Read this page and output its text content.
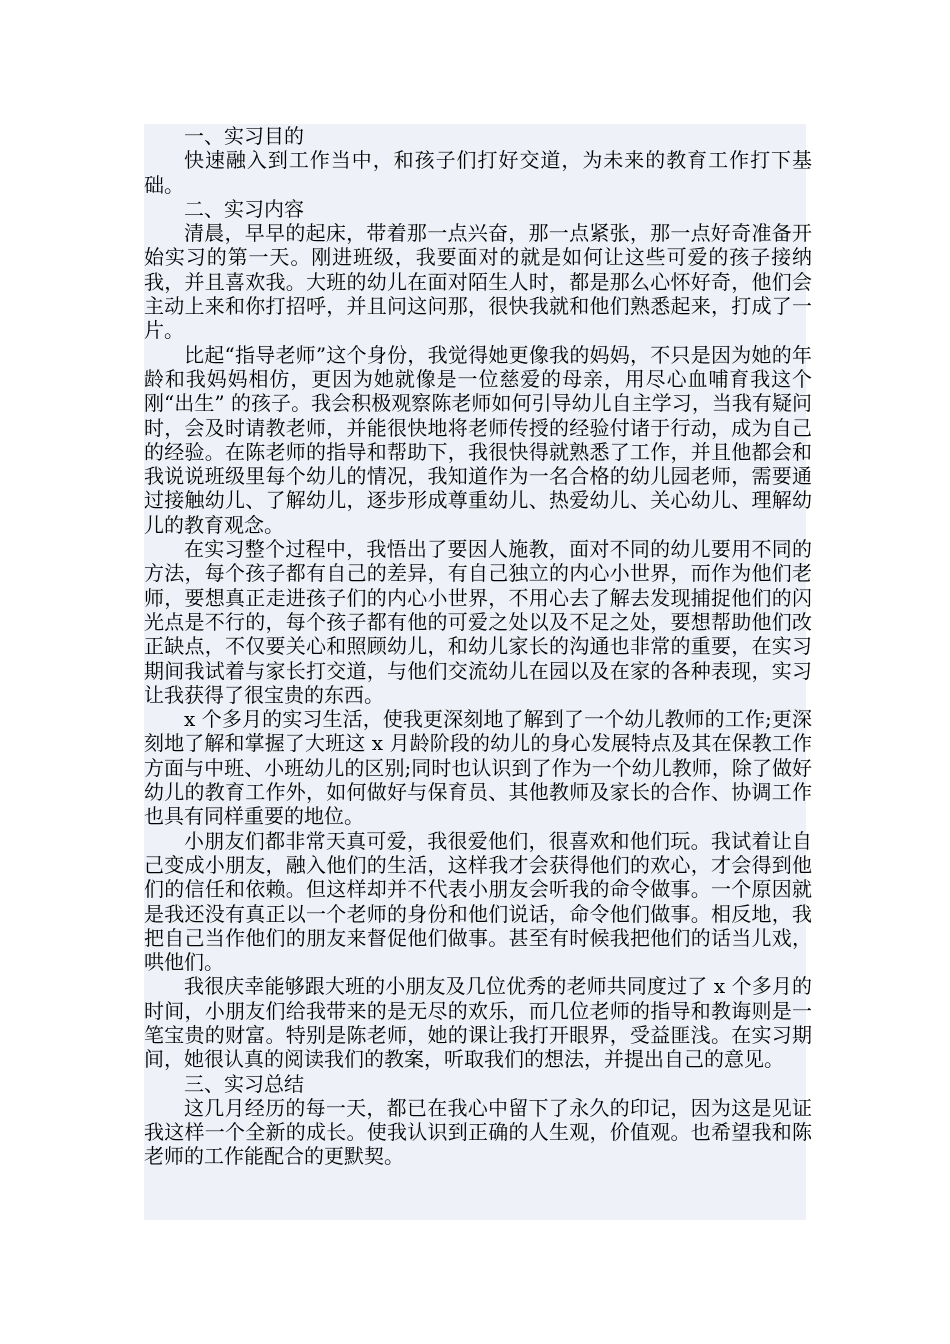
一、实习目的

快速融入到工作当中，和孩子们打好交道，为未来的教育工作打下基础。

二、实习内容

清晨，早早的起床，带着那一点兴奋，那一点紧张，那一点好奇准备开始实习的第一天。刚进班级，我要面对的就是如何让这些可爱的孩子接纳我，并且喜欢我。大班的幼儿在面对陌生人时，都是那么心怀好奇，他们会主动上来和你打招呼，并且问这问那，很快我就和他们熟悉起来，打成了一片。

比起“指导老师”这个身份，我觉得她更像我的妈妈，不只是因为她的年龄和我妈妈相仿，更因为她就像是一位慈爱的母亲，用尽心血哺育我这个刚“出生” 的孩子。我会积极观察陈老师如何引导幼儿自主学习，当我有疑问时，会及时请教老师，并能很快地将老师传授的经验付诸于行动，成为自己的经验。在陈老师的指导和帮助下，我很快得就熟悉了工作，并且他都会和我说说班级里每个幼儿的情况，我知道作为一名合格的幼儿园老师，需要通过接触幼儿、了解幼儿，逐步形成尊重幼儿、热爱幼儿、关心幼儿、理解幼儿的教育观念。

在实习整个过程中，我悟出了要因人施教，面对不同的幼儿要用不同的方法，每个孩子都有自己的差异，有自己独立的内心小世界，而作为他们老师，要想真正走进孩子们的内心小世界，不用心去了解去发现捕捉他们的闪光点是不行的，每个孩子都有他的可爱之处以及不足之处，要想帮助他们改正缺点，不仅要关心和照顾幼儿，和幼儿家长的沟通也非常的重要，在实习期间我试着与家长打交道，与他们交流幼儿在园以及在家的各种表现，实习让我获得了很宝贵的东西。

x 个多月的实习生活，使我更深刻地了解到了一个幼儿教师的工作;更深刻地了解和掌握了大班这 x 月龄阶段的幼儿的身心发展特点及其在保教工作方面与中班、小班幼儿的区别;同时也认识到了作为一个幼儿教师，除了做好幼儿的教育工作外，如何做好与保育员、其他教师及家长的合作、协调工作也具有同样重要的地位。

小朋友们都非常天真可爱，我很爱他们，很喜欢和他们玩。我试着让自己变成小朋友，融入他们的生活，这样我才会获得他们的欢心，才会得到他们的信任和依赖。但这样却并不代表小朋友会听我的命令做事。一个原因就是我还没有真正以一个老师的身份和他们说话，命令他们做事。相反地，我把自己当作他们的朋友来督促他们做事。甚至有时候我把他们的话当儿戏，哄他们。

我很庆幸能够跟大班的小朋友及几位优秀的老师共同度过了 x 个多月的时间，小朋友们给我带来的是无尽的欢乐，而几位老师的指导和教诲则是一笔宝贵的财富。特别是陈老师，她的课让我打开眼界，受益匪浅。在实习期间，她很认真的阅读我们的教案，听取我们的想法，并提出自己的意见。

三、实习总结

这几月经历的每一天，都已在我心中留下了永久的印记，因为这是见证我这样一个全新的成长。使我认识到正确的人生观，价值观。也希望我和陈老师的工作能配合的更默契。
